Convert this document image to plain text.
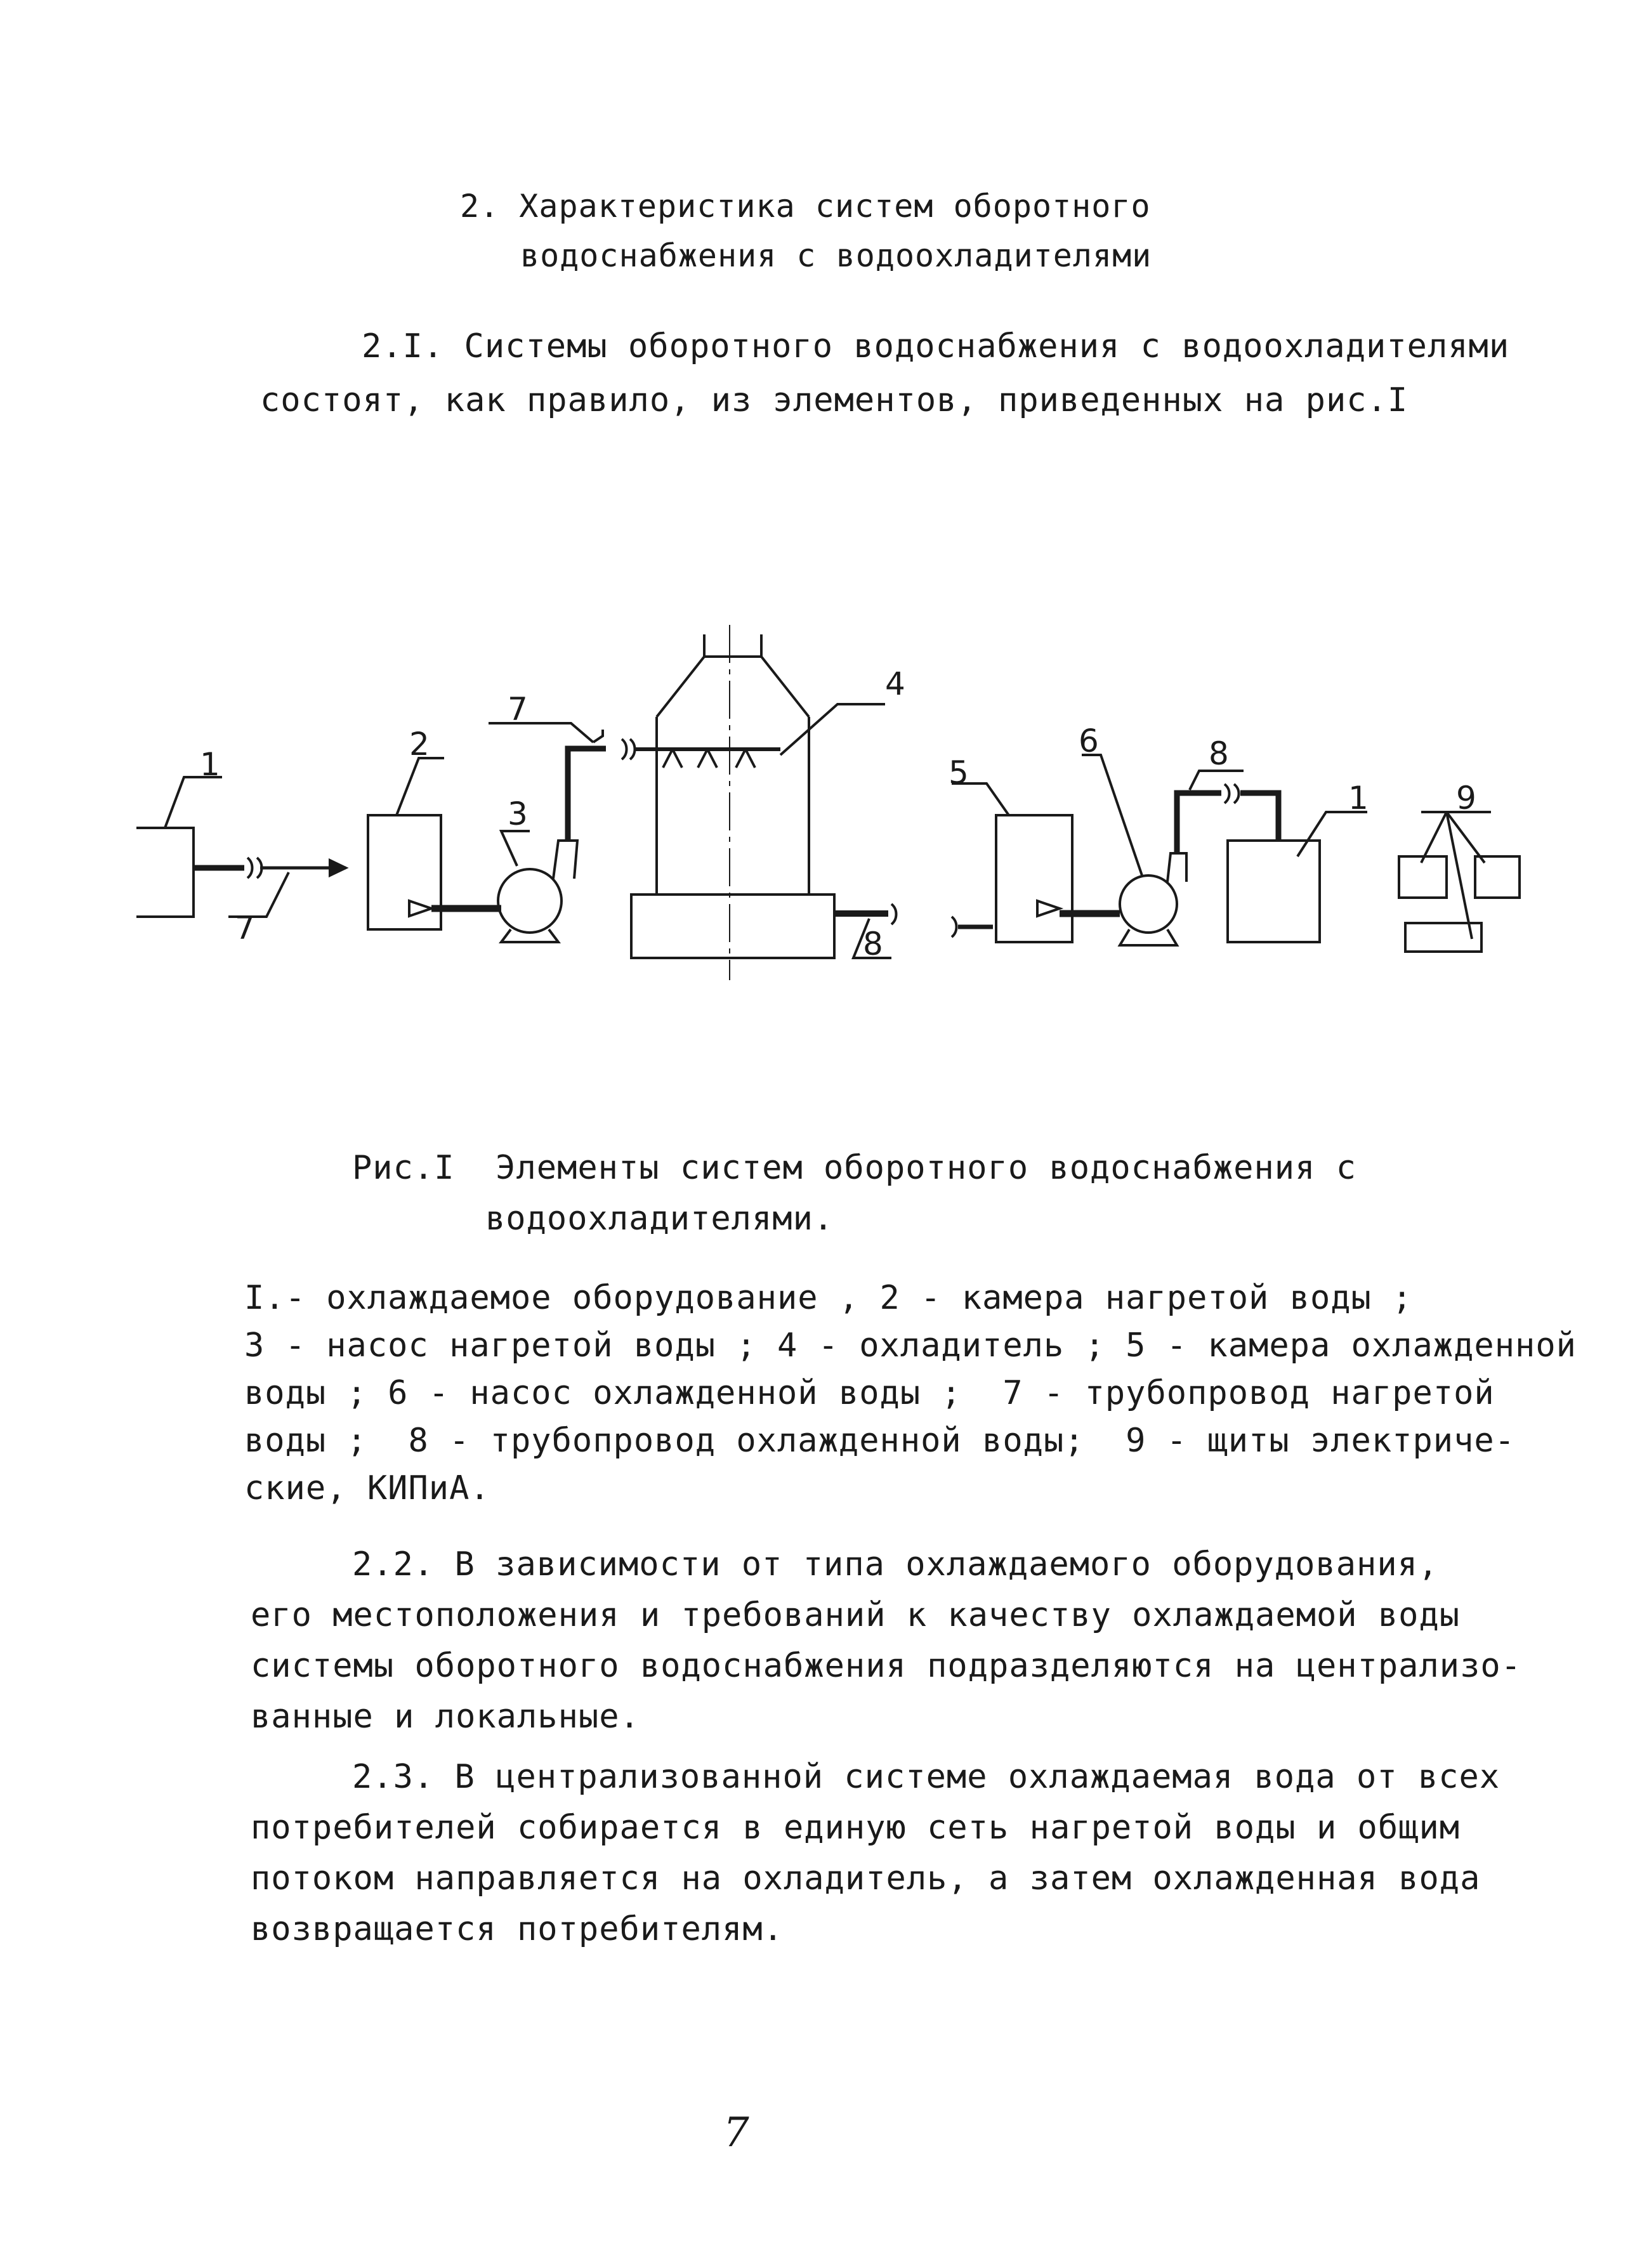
2. Характеристика систем оборотного
водоснабжения с водоохладителями
2.I. Системы оборотного водоснабжения с водоохладителями
состоят, как правило, из элементов, приведенных на рис.I
1
2
3
4
5
6
7
7
8
8
1	9
Рис.I  Элементы систем оборотного водоснабжения с
водоохладителями.
I.- охлаждаемое оборудование , 2 - камера нагретой воды ;
3 - насос нагретой воды ; 4 - охладитель ; 5 - камера охлажденной
воды ; 6 - насос охлажденной воды ;  7 - трубопровод нагретой
воды ;  8 - трубопровод охлажденной воды;  9 - щиты электриче-
ские, КИПиА.
2.2. В зависимости от типа охлаждаемого оборудования,
его местоположения и требований к качеству охлаждаемой воды
системы оборотного водоснабжения подразделяются на централизо-
ванные и локальные.
2.3. В централизованной системе охлаждаемая вода от всех
потребителей собирается в единую сеть нагретой воды и общим
потоком направляется на охладитель, а затем охлажденная вода
возвращается потребителям.
7
